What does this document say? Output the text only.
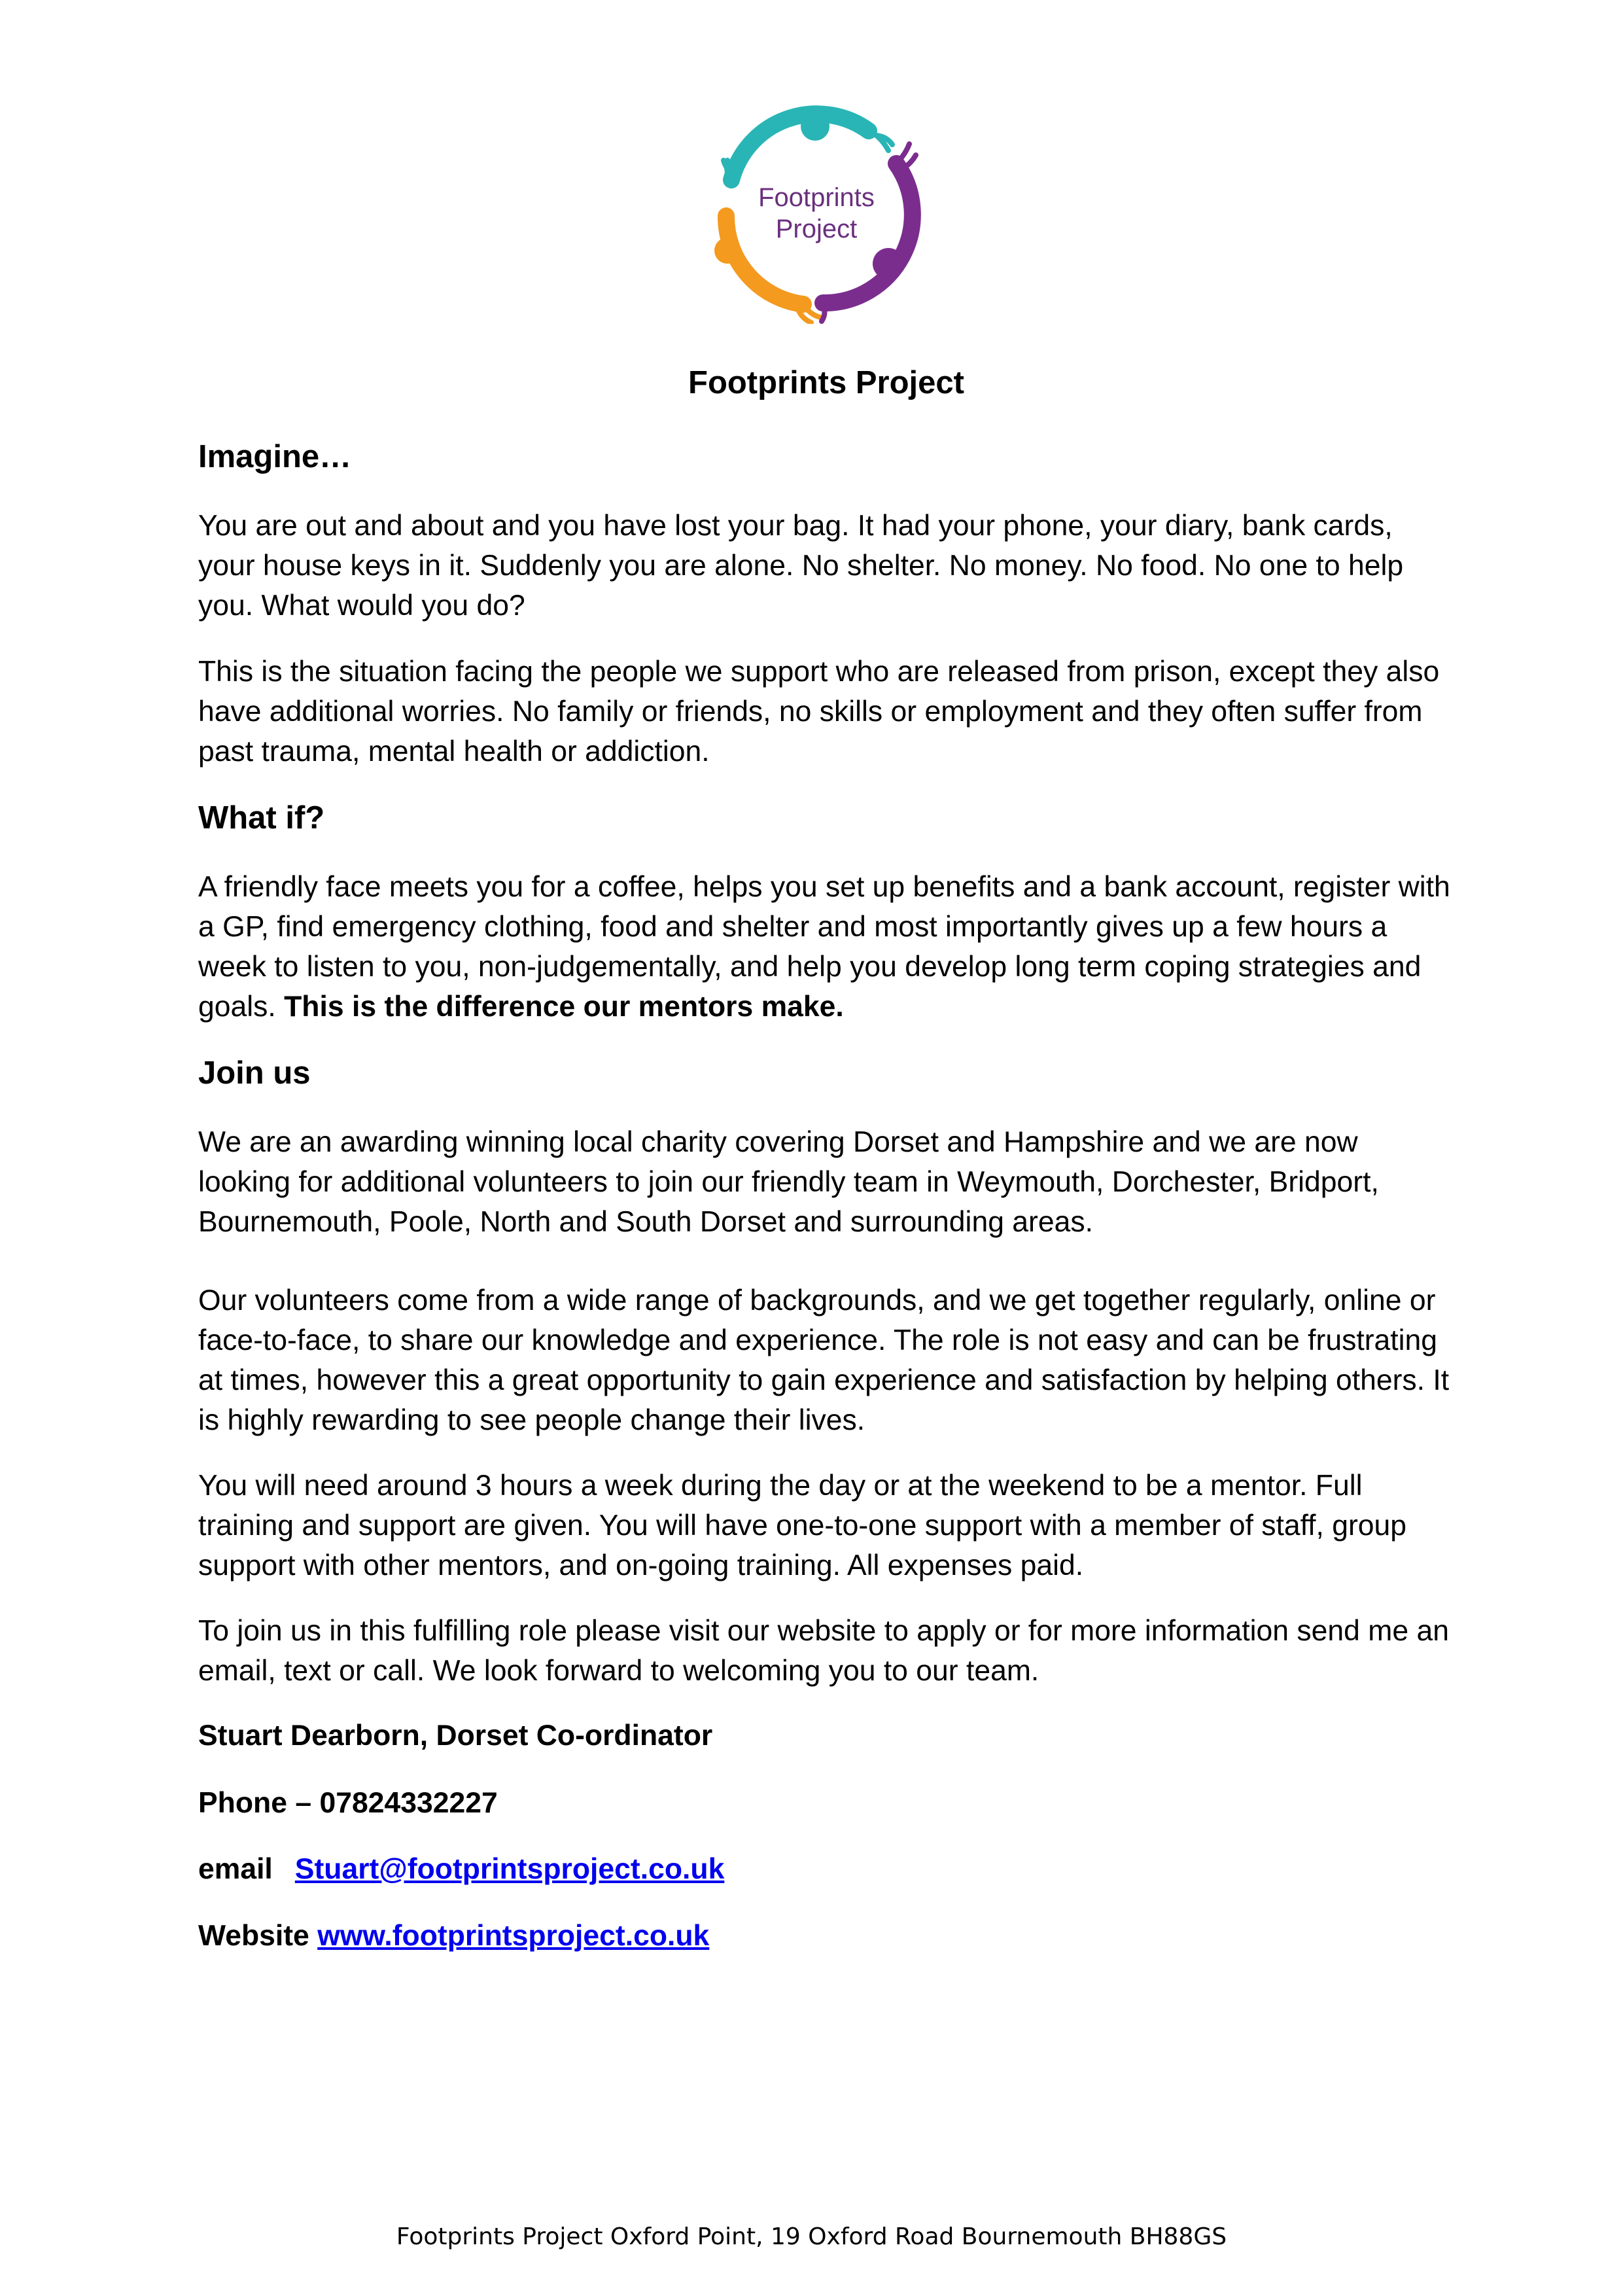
Footprints
Project
Footprints Project
Imagine…

You are out and about and you have lost your bag. It had your phone, your diary, bank cards, your house keys in it. Suddenly you are alone. No shelter. No money. No food. No one to help you. What would you do?

This is the situation facing the people we support who are released from prison, except they also have additional worries. No family or friends, no skills or employment and they often suffer from past trauma, mental health or addiction.

What if?

A friendly face meets you for a coffee, helps you set up benefits and a bank account, register with a GP, find emergency clothing, food and shelter and most importantly gives up a few hours a week to listen to you, non-judgementally, and help you develop long term coping strategies and goals. This is the difference our mentors make.

Join us

We are an awarding winning local charity covering Dorset and Hampshire and we are now looking for additional volunteers to join our friendly team in Weymouth, Dorchester, Bridport, Bournemouth, Poole, North and South Dorset and surrounding areas.

Our volunteers come from a wide range of backgrounds, and we get together regularly, online or face-to-face, to share our knowledge and experience. The role is not easy and can be frustrating at times, however this a great opportunity to gain experience and satisfaction by helping others. It is highly rewarding to see people change their lives.

You will need around 3 hours a week during the day or at the weekend to be a mentor. Full training and support are given. You will have one-to-one support with a member of staff, group support with other mentors, and on-going training. All expenses paid.

To join us in this fulfilling role please visit our website to apply or for more information send me an email, text or call. We look forward to welcoming you to our team.

Stuart Dearborn, Dorset Co-ordinator

Phone – 07824332227

email Stuart@footprintsproject.co.uk

Website www.footprintsproject.co.uk

Footprints Project Oxford Point, 19 Oxford Road Bournemouth BH88GS
